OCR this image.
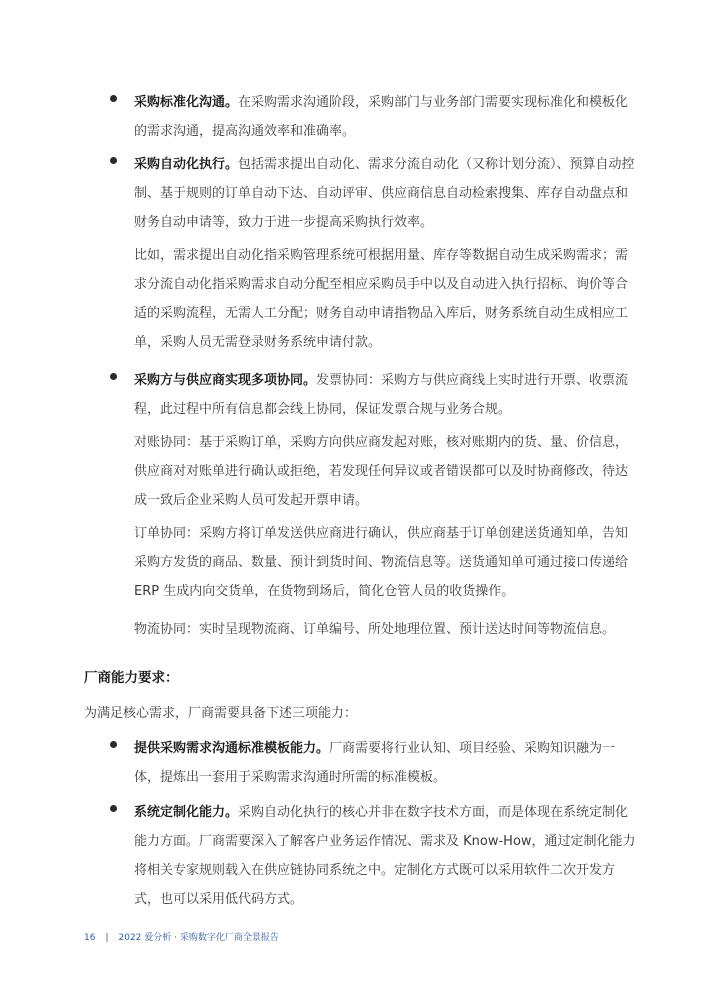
采购标准化沟通。在采购需求沟通阶段，采购部门与业务部门需要实现标准化和模板化的需求沟通，提高沟通效率和准确率。
采购自动化执行。包括需求提出自动化、需求分流自动化（又称计划分流）、预算自动控制、基于规则的订单自动下达、自动评审、供应商信息自动检索搜集、库存自动盘点和财务自动申请等，致力于进一步提高采购执行效率。
比如，需求提出自动化指采购管理系统可根据用量、库存等数据自动生成采购需求；需求分流自动化指采购需求自动分配至相应采购员手中以及自动进入执行招标、询价等合适的采购流程，无需人工分配；财务自动申请指物品入库后，财务系统自动生成相应工单，采购人员无需登录财务系统申请付款。
采购方与供应商实现多项协同。发票协同：采购方与供应商线上实时进行开票、收票流程，此过程中所有信息都会线上协同，保证发票合规与业务合规。
对账协同：基于采购订单，采购方向供应商发起对账，核对账期内的货、量、价信息，供应商对对账单进行确认或拒绝，若发现任何异议或者错误都可以及时协商修改，待达成一致后企业采购人员可发起开票申请。
订单协同：采购方将订单发送供应商进行确认，供应商基于订单创建送货通知单，告知采购方发货的商品、数量、预计到货时间、物流信息等。送货通知单可通过接口传递给 ERP 生成内向交货单，在货物到场后，简化仓管人员的收货操作。
物流协同：实时呈现物流商、订单编号、所处地理位置、预计送达时间等物流信息。
厂商能力要求：
为满足核心需求，厂商需要具备下述三项能力：
提供采购需求沟通标准模板能力。厂商需要将行业认知、项目经验、采购知识融为一体，提炼出一套用于采购需求沟通时所需的标准模板。
系统定制化能力。采购自动化执行的核心并非在数字技术方面，而是体现在系统定制化能力方面。厂商需要深入了解客户业务运作情况、需求及 Know-How，通过定制化能力将相关专家规则载入在供应链协同系统之中。定制化方式既可以采用软件二次开发方式，也可以采用低代码方式。
16 | 2022 爱分析 · 采购数字化厂商全景报告
